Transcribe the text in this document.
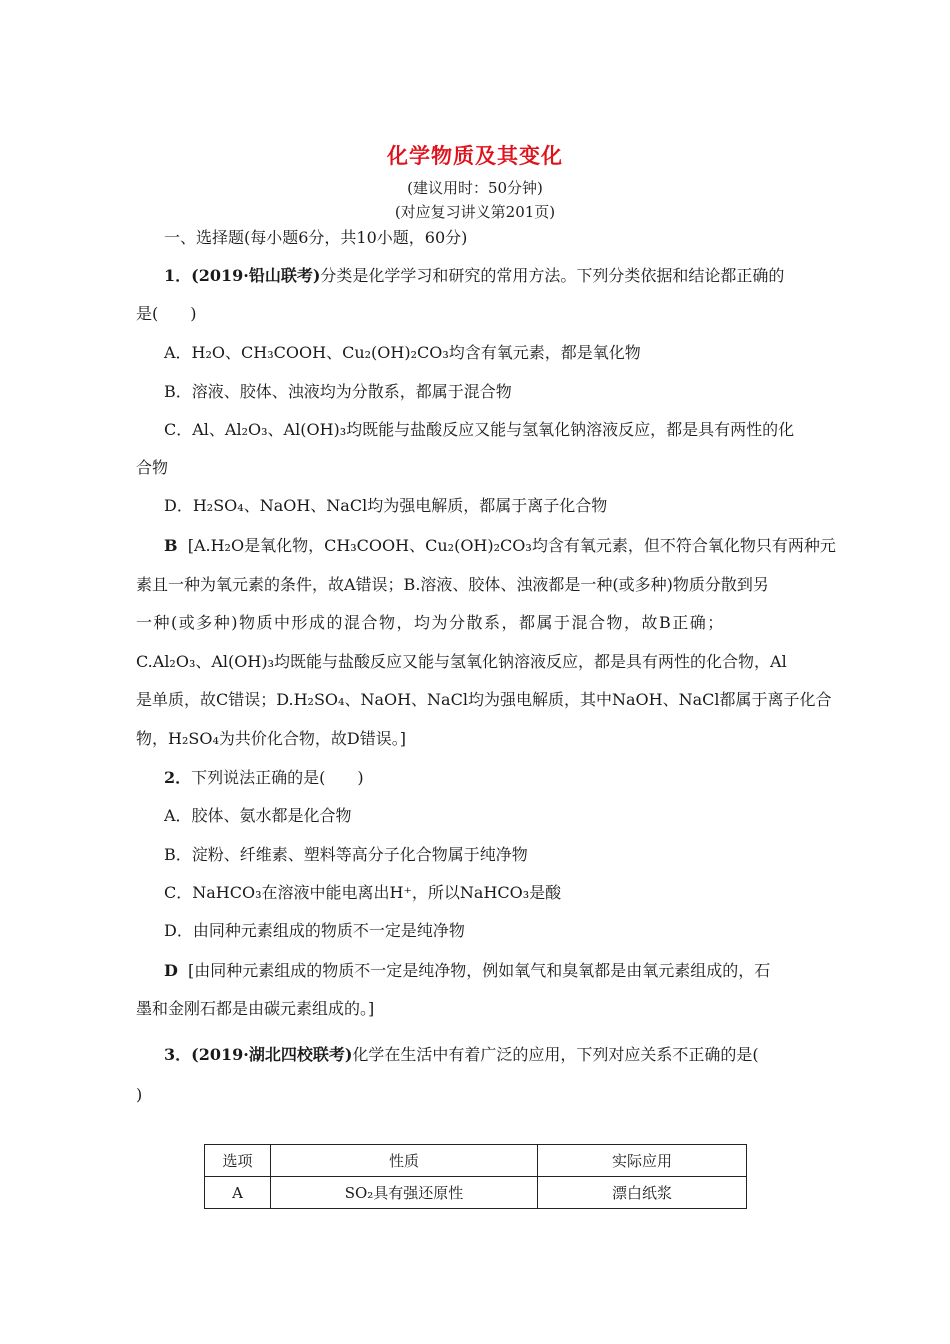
化学物质及其变化
(建议用时：50分钟)
(对应复习讲义第201页)
一、选择题(每小题6分，共10小题，60分)
1．(2019·铅山联考)分类是化学学习和研究的常用方法。下列分类依据和结论都正确的
是(　　)
A．H₂O、CH₃COOH、Cu₂(OH)₂CO₃均含有氧元素，都是氧化物
B．溶液、胶体、浊液均为分散系，都属于混合物
C．Al、Al₂O₃、Al(OH)₃均既能与盐酸反应又能与氢氧化钠溶液反应，都是具有两性的化
合物
D．H₂SO₄、NaOH、NaCl均为强电解质，都属于离子化合物
B [A.H₂O是氧化物，CH₃COOH、Cu₂(OH)₂CO₃均含有氧元素，但不符合氧化物只有两种元
素且一种为氧元素的条件，故A错误；B.溶液、胶体、浊液都是一种(或多种)物质分散到另
一种(或多种)物质中形成的混合物，均为分散系，都属于混合物，故B正确；
C.Al₂O₃、Al(OH)₃均既能与盐酸反应又能与氢氧化钠溶液反应，都是具有两性的化合物，Al
是单质，故C错误；D.H₂SO₄、NaOH、NaCl均为强电解质，其中NaOH、NaCl都属于离子化合
物，H₂SO₄为共价化合物，故D错误。]
2．下列说法正确的是(　　)
A．胶体、氨水都是化合物
B．淀粉、纤维素、塑料等高分子化合物属于纯净物
C．NaHCO₃在溶液中能电离出H⁺，所以NaHCO₃是酸
D．由同种元素组成的物质不一定是纯净物
D [由同种元素组成的物质不一定是纯净物，例如氧气和臭氧都是由氧元素组成的，石
墨和金刚石都是由碳元素组成的。]
3．(2019·湖北四校联考)化学在生活中有着广泛的应用，下列对应关系不正确的是(
)
选项	性质	实际应用
A	SO₂具有强还原性	漂白纸浆
